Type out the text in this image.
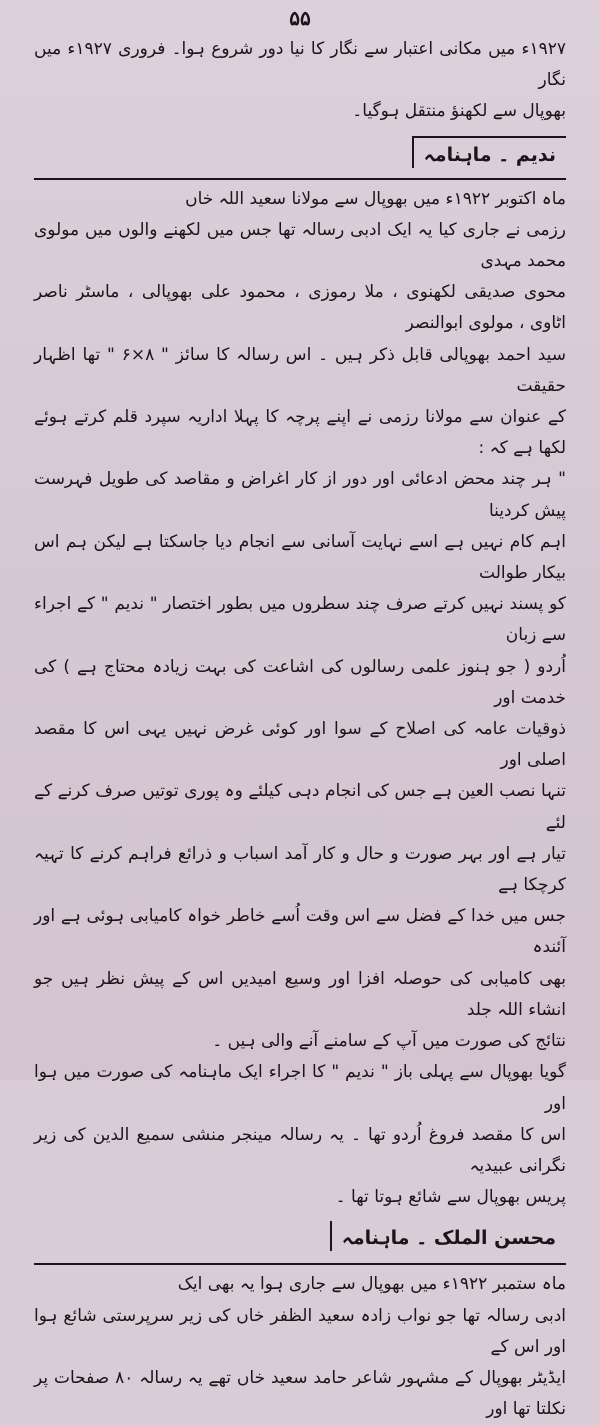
۵۵

۱۹۲۷ء میں مکانی اعتبار سے نگار کا نیا دور شروع ہوا۔ فروری ۱۹۲۷ء میں نگار

بھوپال سے لکھنؤ منتقل ہوگیا۔

ندیم ۔ ماہنامہ

ماہ اکتوبر ۱۹۲۲ء میں بھوپال سے مولانا سعید اللہ خاں

رزمی نے جاری کیا یہ ایک ادبی رسالہ تھا جس میں لکھنے والوں میں مولوی محمد مہدی

محوی صدیقی لکھنوی ، ملا رموزی ، محمود علی بھوپالی ، ماسٹر ناصر اٹاوی ، مولوی ابوالنصر

سید احمد بھوپالی قابل ذکر ہیں ۔ اس رسالہ کا سائز " ۸×۶ " تھا اظہار حقیقت

کے عنوان سے مولانا رزمی نے اپنے پرچہ کا پہلا اداریہ سپرد قلم کرتے ہوئے لکھا ہے کہ :

" ہر چند محض ادعائی اور دور از کار اغراض و مقاصد کی طویل فہرست پیش کردینا

اہم کام نہیں ہے اسے نہایت آسانی سے انجام دیا جاسکتا ہے لیکن ہم اس بیکار طوالت

کو پسند نہیں کرتے صرف چند سطروں میں بطور اختصار " ندیم " کے اجراء سے زبان

اُردو ( جو ہنوز علمی رسالوں کی اشاعت کی بہت زیادہ محتاج ہے ) کی خدمت اور

ذوقیات عامہ کی اصلاح کے سوا اور کوئی غرض نہیں یہی اس کا مقصد اصلی اور

تنہا نصب العین ہے جس کی انجام دہی کیلئے وہ پوری توتیں صرف کرنے کے لئے

تیار ہے اور بہر صورت و حال و کار آمد اسباب و ذرائع فراہم کرنے کا تہیہ کرچکا ہے

جس میں خدا کے فضل سے اس وقت اُسے خاطر خواہ کامیابی ہوئی ہے اور آئندہ

بھی کامیابی کی حوصلہ افزا اور وسیع امیدیں اس کے پیش نظر ہیں جو انشاء اللہ جلد

نتائج کی صورت میں آپ کے سامنے آنے والی ہیں ۔

گویا بھوپال سے پہلی باز " ندیم " کا اجراء ایک ماہنامہ کی صورت میں ہوا اور

اس کا مقصد فروغ اُردو تھا ۔ یہ رسالہ مینجر منشی سمیع الدین کی زیر نگرانی عبیدیہ

پریس بھوپال سے شائع ہوتا تھا ۔

محسن الملک ۔ ماہنامہ

ماہ ستمبر ۱۹۲۲ء میں بھوپال سے جاری ہوا یہ بھی ایک

ادبی رسالہ تھا جو نواب زادہ سعید الظفر خاں کی زیر سرپرستی شائع ہوا اور اس کے

ایڈیٹر بھوپال کے مشہور شاعر حامد سعید خاں تھے یہ رسالہ ۸۰ صفحات پر نکلتا تھا اور
